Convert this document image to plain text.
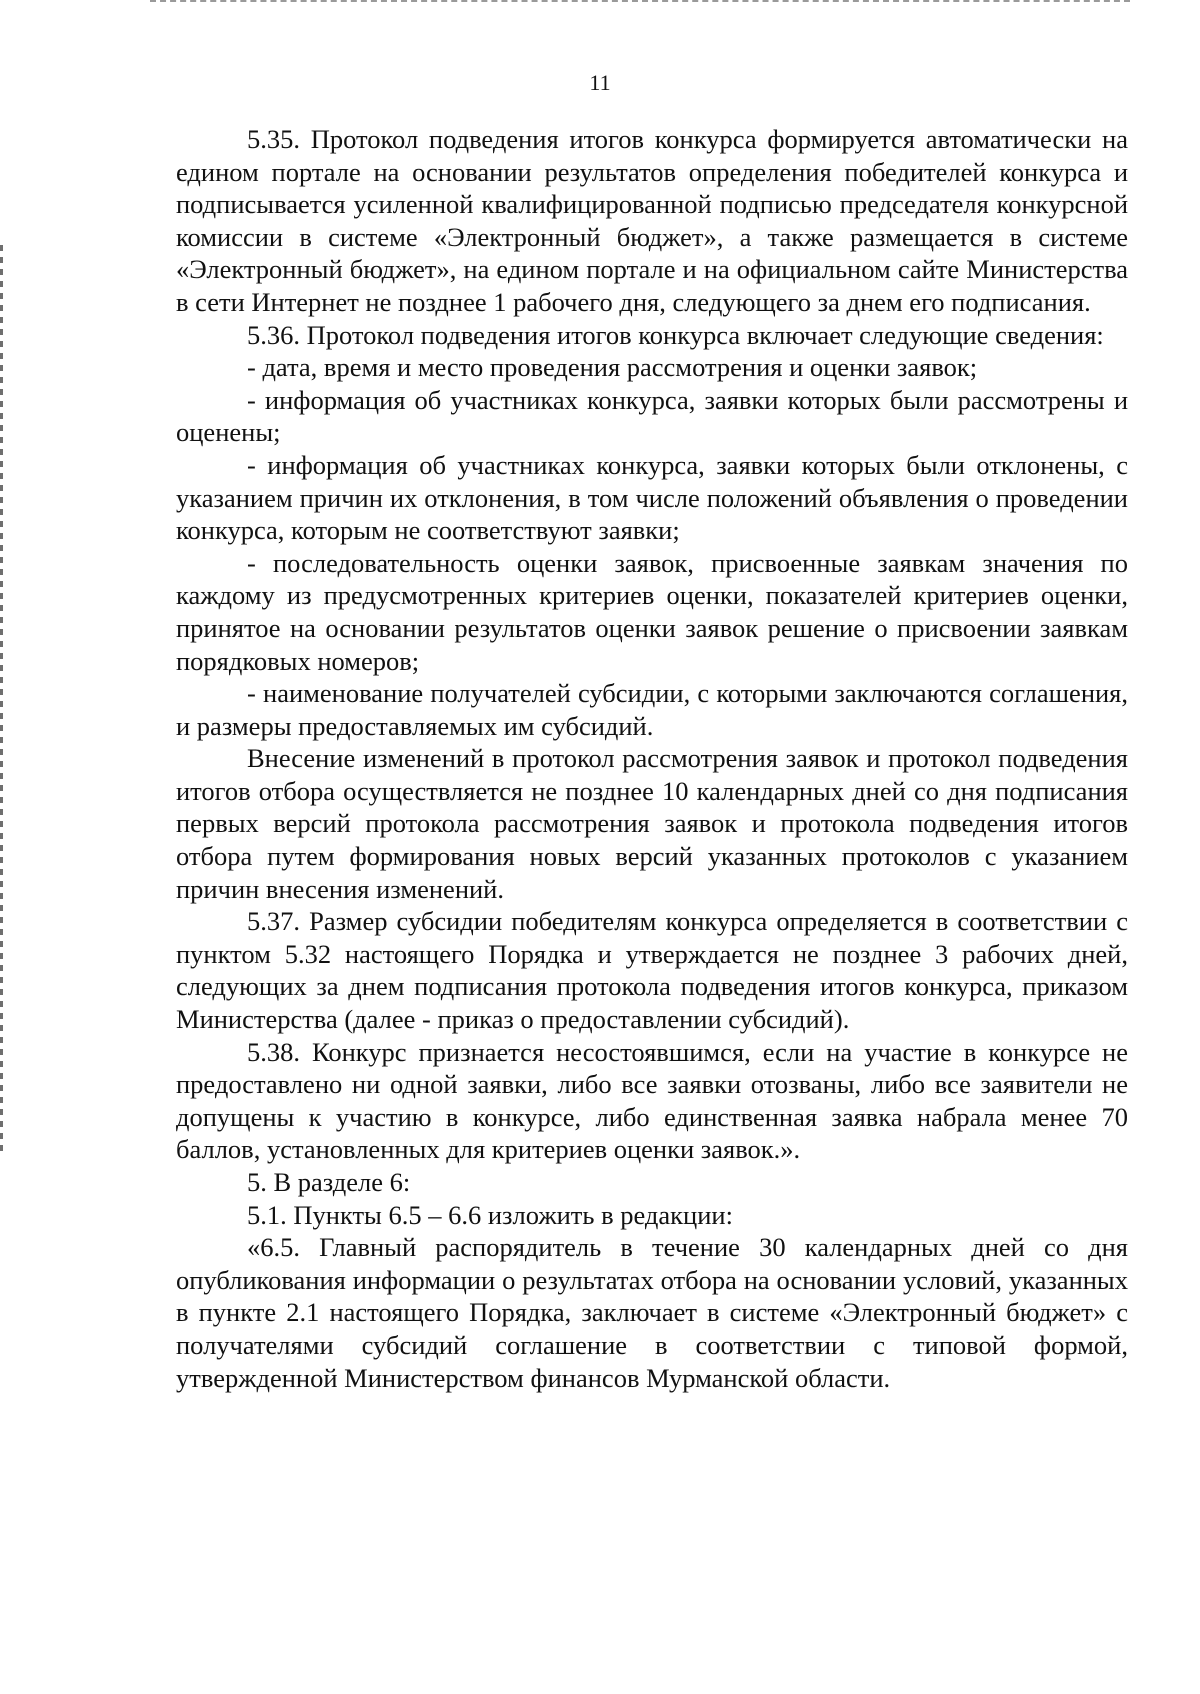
11

5.35. Протокол подведения итогов конкурса формируется автоматически на едином портале на основании результатов определения победителей конкурса и подписывается усиленной квалифицированной подписью председателя конкурсной комиссии в системе «Электронный бюджет», а также размещается в системе «Электронный бюджет», на едином портале и на официальном сайте Министерства в сети Интернет не позднее 1 рабочего дня, следующего за днем его подписания.

5.36. Протокол подведения итогов конкурса включает следующие сведения:

- дата, время и место проведения рассмотрения и оценки заявок;

- информация об участниках конкурса, заявки которых были рассмотрены и оценены;

- информация об участниках конкурса, заявки которых были отклонены, с указанием причин их отклонения, в том числе положений объявления о проведении конкурса, которым не соответствуют заявки;

- последовательность оценки заявок, присвоенные заявкам значения по каждому из предусмотренных критериев оценки, показателей критериев оценки, принятое на основании результатов оценки заявок решение о присвоении заявкам порядковых номеров;

- наименование получателей субсидии, с которыми заключаются соглашения, и размеры предоставляемых им субсидий.

Внесение изменений в протокол рассмотрения заявок и протокол подведения итогов отбора осуществляется не позднее 10 календарных дней со дня подписания первых версий протокола рассмотрения заявок и протокола подведения итогов отбора путем формирования новых версий указанных протоколов с указанием причин внесения изменений.

5.37. Размер субсидии победителям конкурса определяется в соответствии с пунктом 5.32 настоящего Порядка и утверждается не позднее 3 рабочих дней, следующих за днем подписания протокола подведения итогов конкурса, приказом Министерства (далее - приказ о предоставлении субсидий).

5.38. Конкурс признается несостоявшимся, если на участие в конкурсе не предоставлено ни одной заявки, либо все заявки отозваны, либо все заявители не допущены к участию в конкурсе, либо единственная заявка набрала менее 70 баллов, установленных для критериев оценки заявок.».

5. В разделе 6:

5.1. Пункты 6.5 – 6.6 изложить в редакции:

«6.5. Главный распорядитель в течение 30 календарных дней со дня опубликования информации о результатах отбора на основании условий, указанных в пункте 2.1 настоящего Порядка, заключает в системе «Электронный бюджет» с получателями субсидий соглашение в соответствии с типовой формой, утвержденной Министерством финансов Мурманской области.
